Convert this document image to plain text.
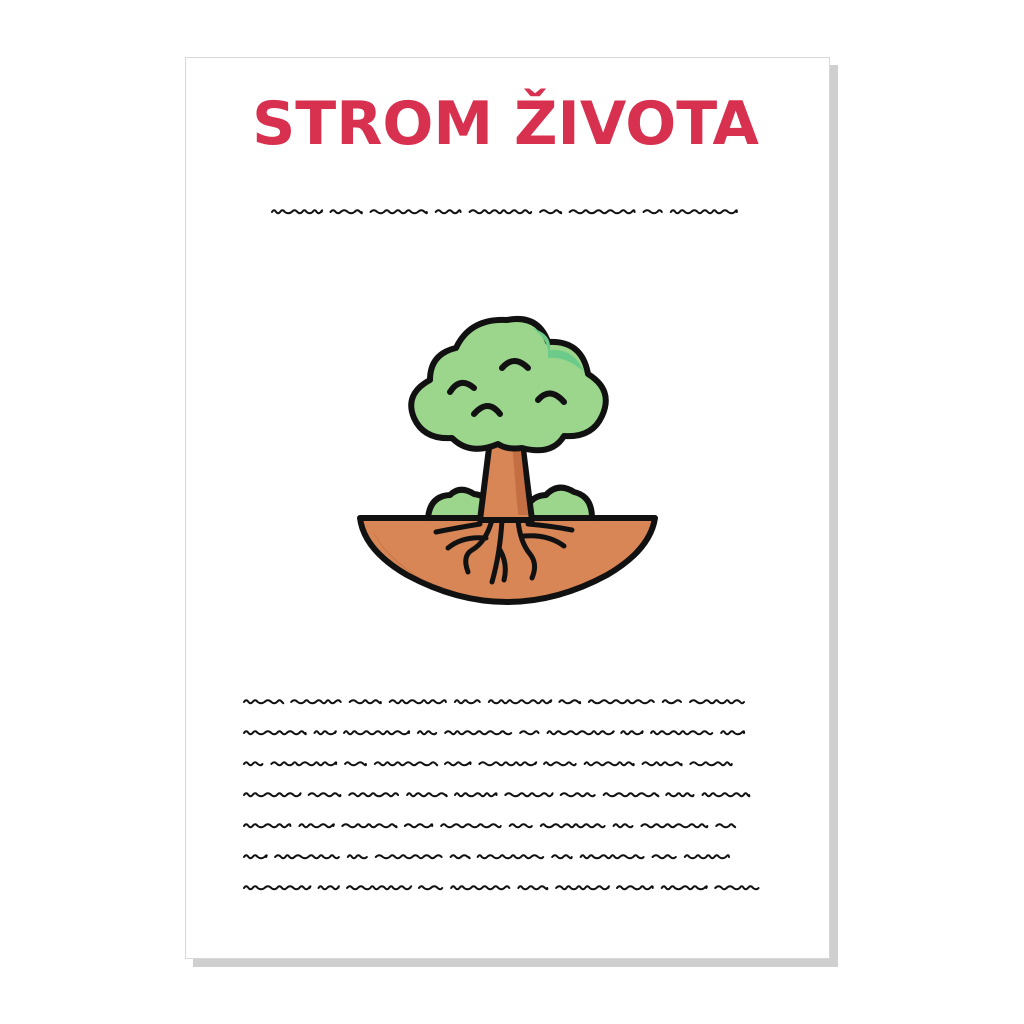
STROM ŽIVOTA
